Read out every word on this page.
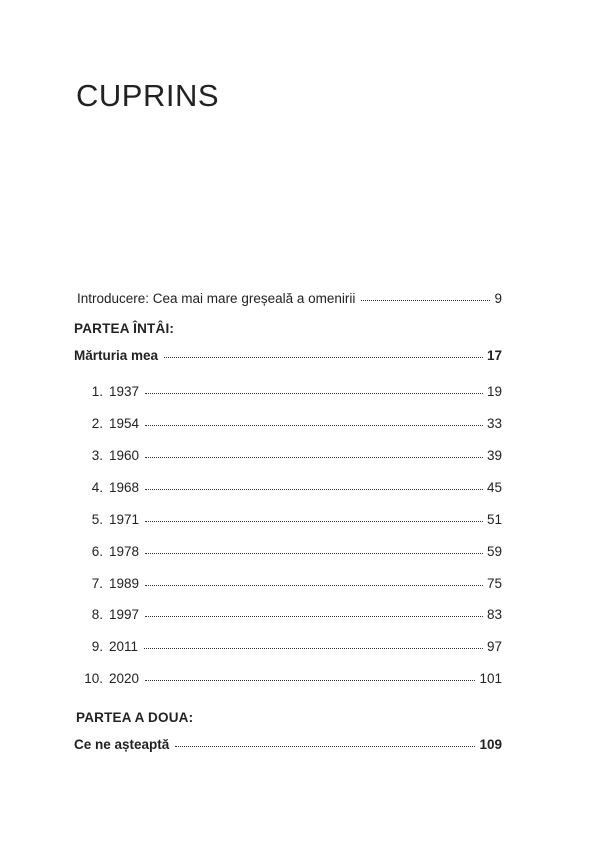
CUPRINS
Introducere: Cea mai mare greșeală a omenirii	9
PARTEA ÎNTÂI:
Mărturia mea	17
1. 1937	19
2. 1954	33
3. 1960	39
4. 1968	45
5. 1971	51
6. 1978	59
7. 1989	75
8. 1997	83
9. 2011	97
10. 2020	101
PARTEA A DOUA:
Ce ne așteaptă	109
